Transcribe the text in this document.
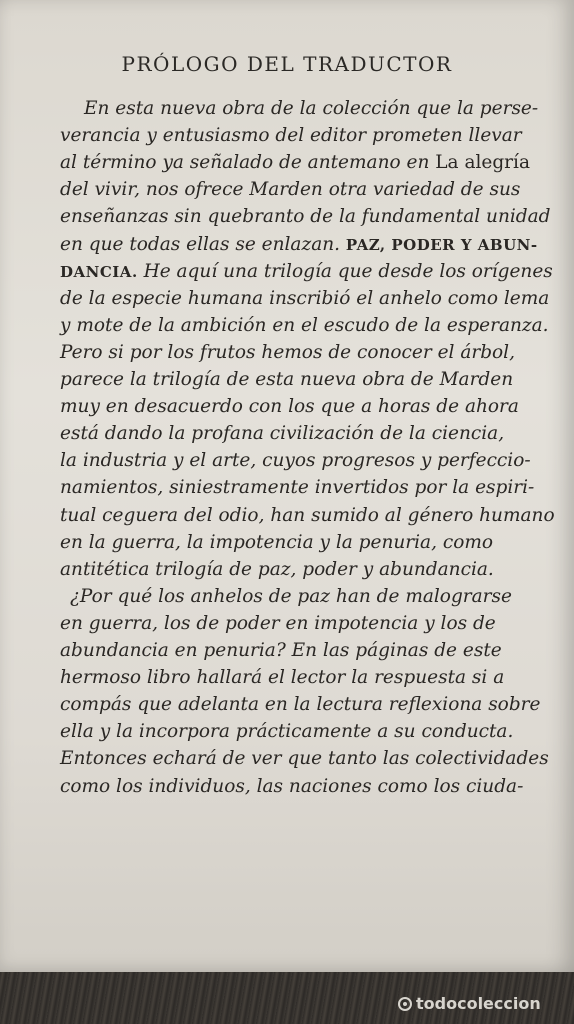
PRÓLOGO DEL TRADUCTOR
En esta nueva obra de la colección que la perse-
verancia y entusiasmo del editor prometen llevar
al término ya señalado de antemano en La alegría
del vivir, nos ofrece Marden otra variedad de sus
enseñanzas sin quebranto de la fundamental unidad
en que todas ellas se enlazan. PAZ, PODER Y ABUN-
DANCIA. He aquí una trilogía que desde los orígenes
de la especie humana inscribió el anhelo como lema
y mote de la ambición en el escudo de la esperanza.
Pero si por los frutos hemos de conocer el árbol,
parece la trilogía de esta nueva obra de Marden
muy en desacuerdo con los que a horas de ahora
está dando la profana civilización de la ciencia,
la industria y el arte, cuyos progresos y perfeccio-
namientos, siniestramente invertidos por la espiri-
tual ceguera del odio, han sumido al género humano
en la guerra, la impotencia y la penuria, como
antitética trilogía de paz, poder y abundancia.
¿Por qué los anhelos de paz han de malograrse
en guerra, los de poder en impotencia y los de
abundancia en penuria? En las páginas de este
hermoso libro hallará el lector la respuesta si a
compás que adelanta en la lectura reflexiona sobre
ella y la incorpora prácticamente a su conducta.
Entonces echará de ver que tanto las colectividades
como los individuos, las naciones como los ciuda-
todocoleccion
